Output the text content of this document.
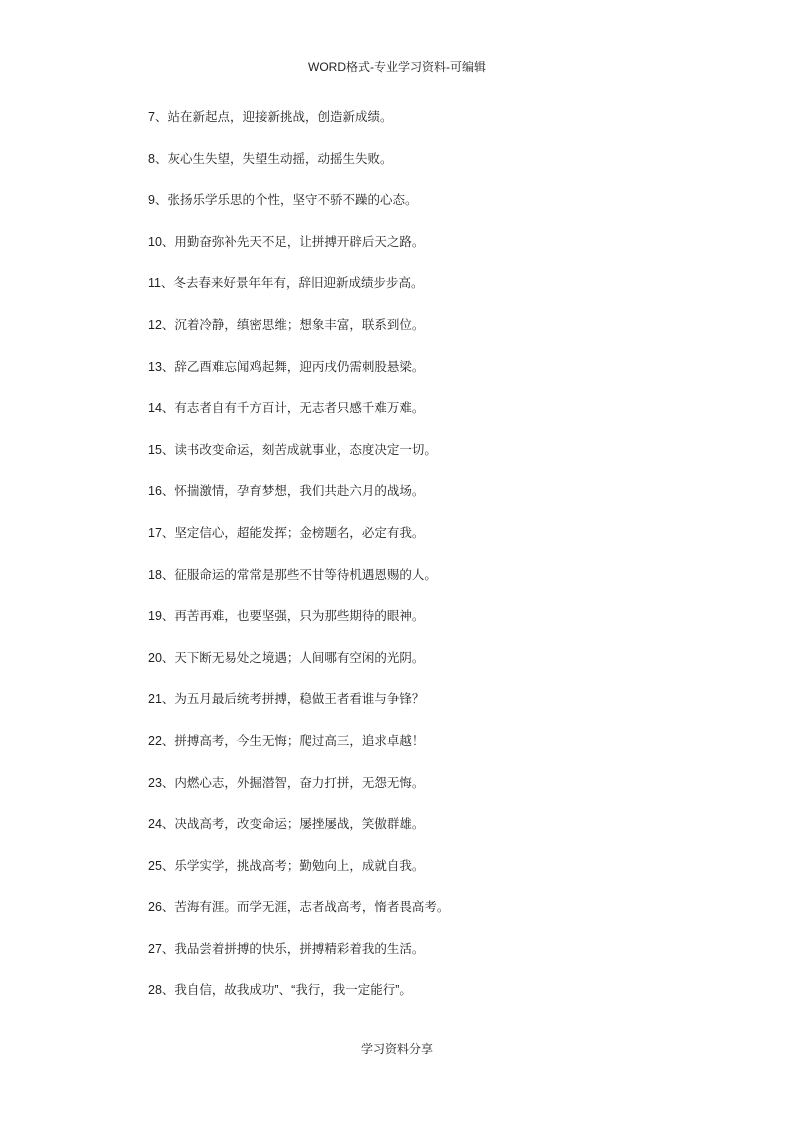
WORD格式-专业学习资料-可编辑
7、站在新起点，迎接新挑战，创造新成绩。
8、灰心生失望，失望生动摇，动摇生失败。
9、张扬乐学乐思的个性，坚守不骄不躁的心态。
10、用勤奋弥补先天不足，让拼搏开辟后天之路。
11、冬去春来好景年年有，辞旧迎新成绩步步高。
12、沉着冷静，缜密思维；想象丰富，联系到位。
13、辞乙酉难忘闻鸡起舞，迎丙戌仍需刺股悬梁。
14、有志者自有千方百计，无志者只感千难万难。
15、读书改变命运，刻苦成就事业，态度决定一切。
16、怀揣激情，孕育梦想，我们共赴六月的战场。
17、坚定信心，超能发挥；金榜题名，必定有我。
18、征服命运的常常是那些不甘等待机遇恩赐的人。
19、再苦再难，也要坚强，只为那些期待的眼神。
20、天下断无易处之境遇；人间哪有空闲的光阴。
21、为五月最后统考拼搏，稳做王者看谁与争锋？
22、拼搏高考，今生无悔；爬过高三，追求卓越！
23、内燃心志，外掘潜智，奋力打拼，无怨无悔。
24、决战高考，改变命运；屡挫屡战，笑傲群雄。
25、乐学实学，挑战高考；勤勉向上，成就自我。
26、苦海有涯。而学无涯，志者战高考，惰者畏高考。
27、我品尝着拼搏的快乐，拼搏精彩着我的生活。
28、我自信，故我成功”、“我行，我一定能行”。
学习资料分享
